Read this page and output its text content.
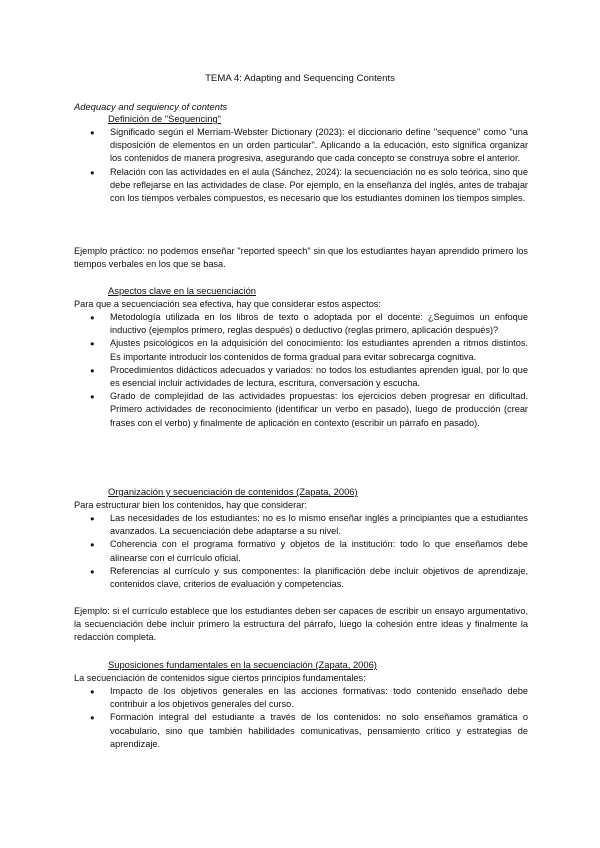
TEMA 4: Adapting and Sequencing Contents
Adequacy and sequiency of contents
Definición de "Sequencing"
● Significado según el Merriam-Webster Dictionary (2023): el diccionario define "sequence" como "una disposición de elementos en un orden particular". Aplicando a la educación, esto significa organizar los contenidos de manera progresiva, asegurando que cada concepto se construya sobre el anterior.
● Relación con las actividades en el aula (Sánchez, 2024): la secuenciación no es solo teórica, sino que debe reflejarse en las actividades de clase. Por ejemplo, en la enseñanza del inglés, antes de trabajar con los tiempos verbales compuestos, es necesario que los estudiantes dominen los tiempos simples.
Ejemplo práctico: no podemos enseñar "reported speech" sin que los estudiantes hayan aprendido primero los tiempos verbales en los que se basa.
Aspectos clave en la secuenciación
Para que a secuenciación sea efectiva, hay que considerar estos aspectos:
● Metodología utilizada en los libros de texto o adoptada por el docente: ¿Seguimos un enfoque inductivo (ejemplos primero, reglas después) o deductivo (reglas primero, aplicación después)?
● Ajustes psicológicos en la adquisición del conocimiento: los estudiantes aprenden a ritmos distintos. Es importante introducir los contenidos de forma gradual para evitar sobrecarga cognitiva.
● Procedimientos didácticos adecuados y variados: no todos los estudiantes aprenden igual, por lo que es esencial incluir actividades de lectura, escritura, conversación y escucha.
● Grado de complejidad de las actividades propuestas: los ejercicios deben progresar en dificultad. Primero actividades de reconocimiento (identificar un verbo en pasado), luego de producción (crear frases con el verbo) y finalmente de aplicación en contexto (escribir un párrafo en pasado).
Organización y secuenciación de contenidos (Zapata, 2006)
Para estructurar bien los contenidos, hay que considerar:
● Las necesidades de los estudiantes: no es lo mismo enseñar inglés a principiantes que a estudiantes avanzados. La secuenciación debe adaptarse a su nivel.
● Coherencia con el programa formativo y objetos de la institución: todo lo que enseñamos debe alinearse con el currículo oficial.
● Referencias al currículo y sus componentes: la planificación debe incluir objetivos de aprendizaje, contenidos clave, criterios de evaluación y competencias.
Ejemplo: si el currículo establece que los estudiantes deben ser capaces de escribir un ensayo argumentativo, la secuenciación debe incluir primero la estructura del párrafo, luego la cohesión entre ideas y finalmente la redacción completa.
Suposiciones fundamentales en la secuenciación (Zapata, 2006)
La secuenciación de contenidos sigue ciertos principios fundamentales:
● Impacto de los objetivos generales en las acciones formativas: todo contenido enseñado debe contribuir a los objetivos generales del curso.
● Formación integral del estudiante a través de los contenidos: no solo enseñamos gramática o vocabulario, sino que también habilidades comunicativas, pensamiento crítico y estrategias de aprendizaje.
